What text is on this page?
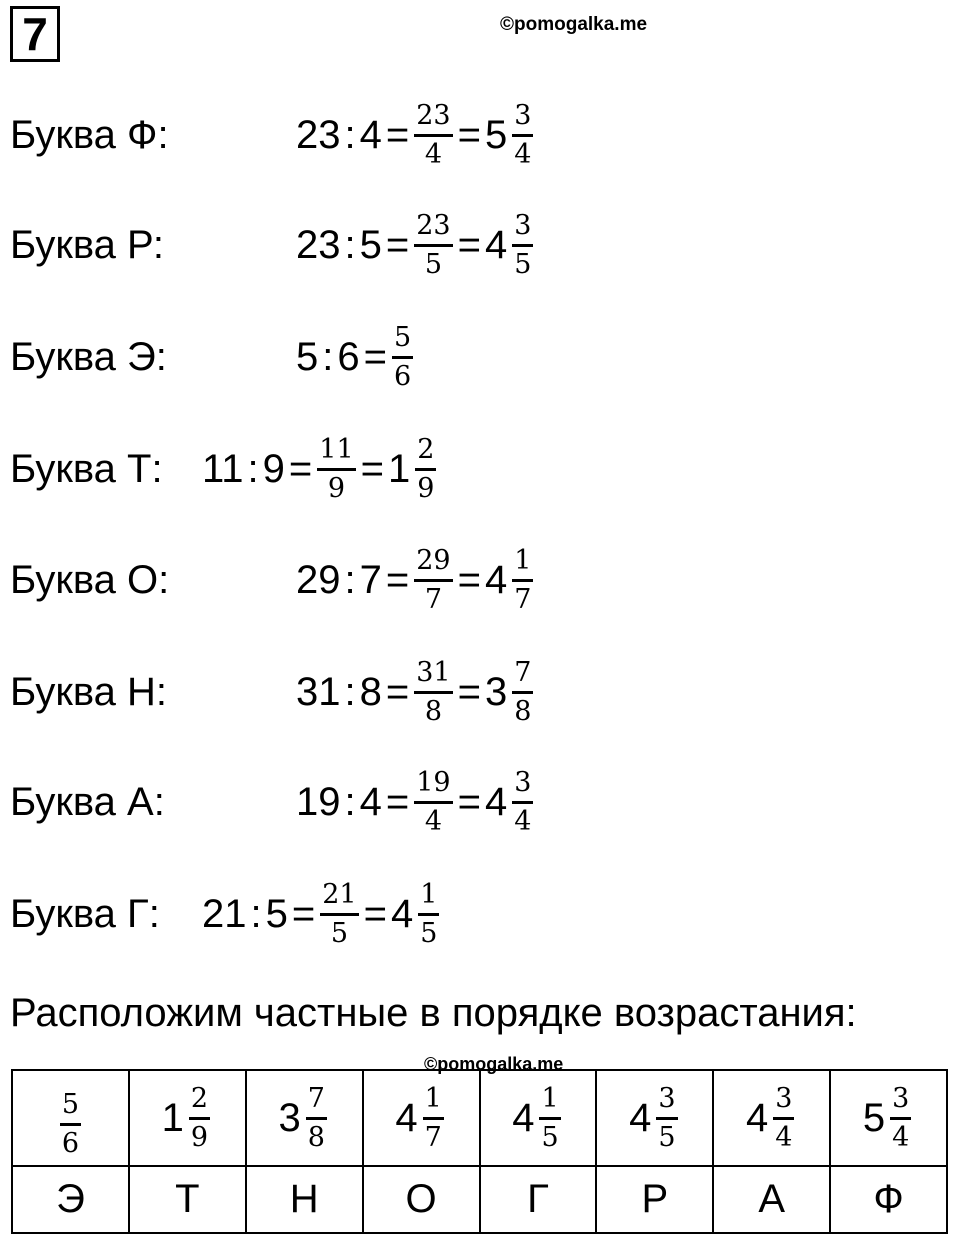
7	©pomogalka.me
Буква Ф:	23 : $4 = \frac{23}{4} = 5 \frac{3}{4}$
Буква Р:	23 : $5 = \frac{23}{5} = 4 \frac{3}{5}$
Буква Э:	5 : $6 = \frac{5}{6}$
Буква Т: 11 : $9 = \frac{11}{9} = 1 \frac{2}{9}$
Буква О:	29 : $7 = \frac{29}{7} = 4 \frac{1}{7}$
Буква Н:	31 : $8 = \frac{31}{8} = 3 \frac{7}{8}$
Буква А:	19 : $4 = \frac{19}{4} = 4 \frac{3}{4}$
Буква Г: 21 : $5 = \frac{21}{5} = 4 \frac{1}{5}$
Расположим частные в порядке возрастания:
©pomogalka.me
$\frac{5}{6}$	$1 \frac{2}{9}$	$3 \frac{7}{8}$	$4 \frac{1}{7}$	$4 \frac{1}{5}$	$4 \frac{3}{5}$	$4 \frac{3}{4}$	$5 \frac{3}{4}$

Э	Т	Н	О	Г	Р	А	Ф
